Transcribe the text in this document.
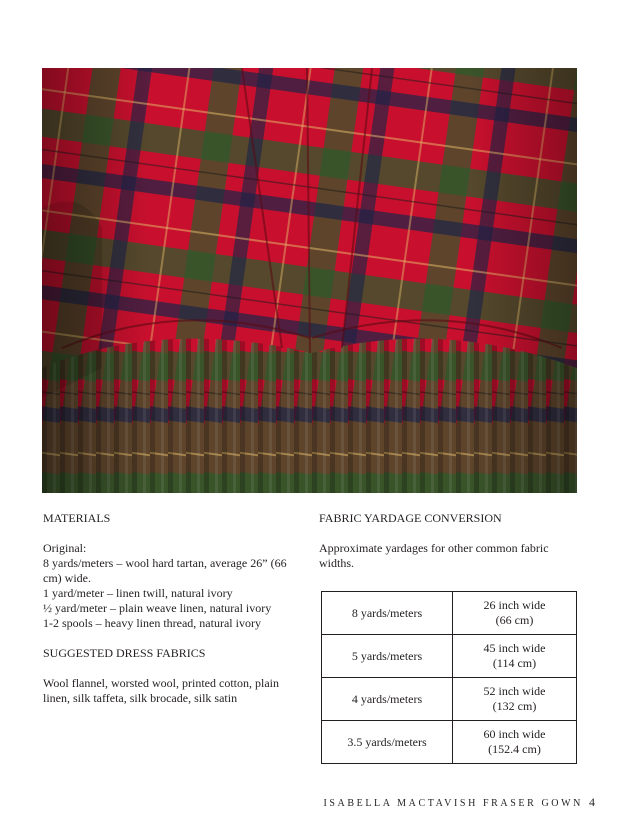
MATERIALS

Original:

8 yards/meters – wool hard tartan, average 26” (66 cm) wide.

1 yard/meter – linen twill, natural ivory

½ yard/meter – plain weave linen, natural ivory

1-2 spools – heavy linen thread, natural ivory

SUGGESTED DRESS FABRICS

Wool flannel, worsted wool, printed cotton, plain linen, silk taffeta, silk brocade, silk satin

FABRIC YARDAGE CONVERSION

Approximate yardages for other common fabric widths.

8 yards/meters	26 inch wide
(66 cm)
5 yards/meters	45 inch wide
(114 cm)
4 yards/meters	52 inch wide
(132 cm)
3.5 yards/meters	60 inch wide
(152.4 cm)
ISABELLA MACTAVISH FRASER GOWN 4
